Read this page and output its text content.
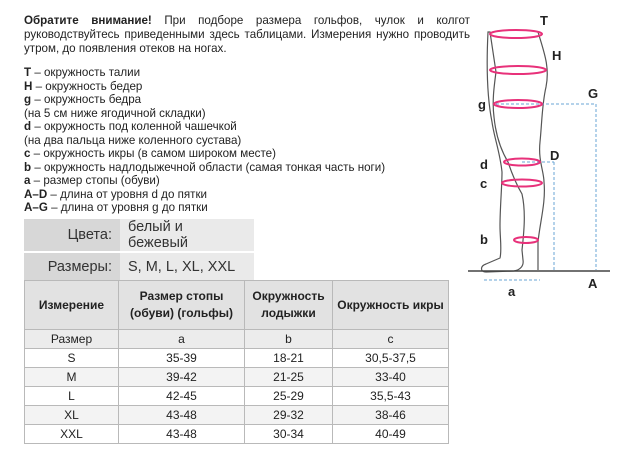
Обратите внимание! При подборе размера гольфов, чулок и колгот руководствуйтесь приведенными здесь таблицами. Измерения нужно проводить утром, до появления отеков на ногах.
T – окружность талии
H – окружность бедер
g – окружность бедра
(на 5 см ниже ягодичной складки)
d – окружность под коленной чашечкой
(на два пальца ниже коленного сустава)
c – окружность икры (в самом широком месте)
b – окружность надлодыжечной области (самая тонкая часть ноги)
a – размер стопы (обуви)
A–D – длина от уровня d до пятки
A–G – длина от уровня g до пятки
Цвета:	белый и бежевый
Размеры:	S, M, L, XL, XXL
Измерение	Размер стопы (обуви) (гольфы)	Окружность лодыжки	Окружность икры
Размер	a	b	c
S	35-39	18-21	30,5-37,5
M	39-42	21-25	33-40
L	42-45	25-29	35,5-43
XL	43-48	29-32	38-46
XXL	43-48	30-34	40-49
T
H
g
G
d
D
c
b
a
A
